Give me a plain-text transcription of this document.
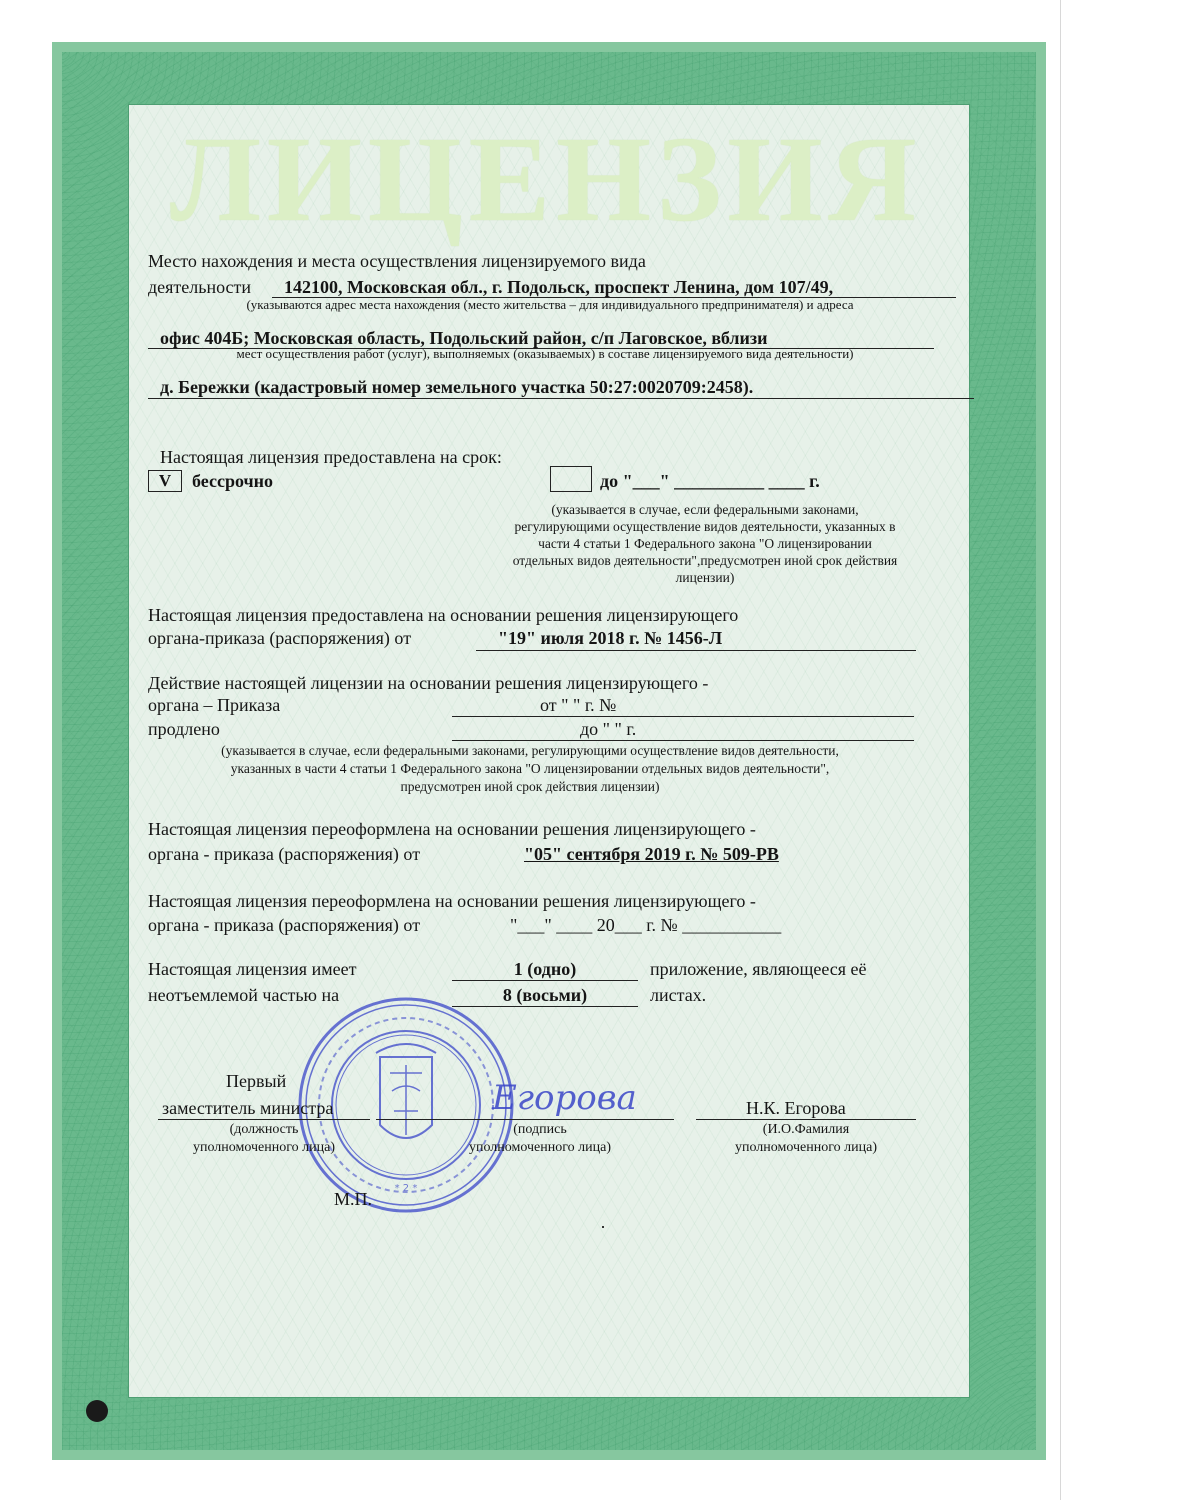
ЛИЦЕНЗИЯ
Место нахождения и места осуществления лицензируемого вида
деятельности 142100, Московская обл., г. Подольск, проспект Ленина, дом 107/49,
(указываются адрес места нахождения (место жительства – для индивидуального предпринимателя) и адреса
офис 404Б; Московская область, Подольский район, с/п Лаговское, вблизи
мест осуществления работ (услуг), выполняемых (оказываемых) в составе лицензируемого вида деятельности)
д. Бережки (кадастровый номер земельного участка 50:27:0020709:2458).
Настоящая лицензия предоставлена на срок:
V	бессрочно	до "___" __________ ____ г.
(указывается в случае, если федеральными законами,
регулирующими осуществление видов деятельности, указанных в
части 4 статьи 1 Федерального закона "О лицензировании
отдельных видов деятельности",предусмотрен иной срок действия
лицензии)
Настоящая лицензия предоставлена на основании решения лицензирующего
органа-приказа (распоряжения) от	"19" июля 2018 г. № 1456-Л
Действие настоящей лицензии на основании решения лицензирующего -
органа – Приказа	от " " г. №
продлено	до " " г.
(указывается в случае, если федеральными законами, регулирующими осуществление видов деятельности,
указанных в части 4 статьи 1 Федерального закона "О лицензировании отдельных видов деятельности",
предусмотрен иной срок действия лицензии)
Настоящая лицензия переоформлена на основании решения лицензирующего -
органа - приказа (распоряжения) от	"05" сентября 2019 г. № 509-РВ
Настоящая лицензия переоформлена на основании решения лицензирующего -
органа - приказа (распоряжения) от	"___" ____ 20___ г. № ___________
Настоящая лицензия имеет	1 (одно)	приложение, являющееся её
неотъемлемой частью на	8 (восьми)	листах.
* 2 *
Первый
заместитель министра
(должность
уполномоченного лица)
Егорова
(подпись
уполномоченного лица)
Н.К. Егорова
(И.О.Фамилия
уполномоченного лица)
М.П.
